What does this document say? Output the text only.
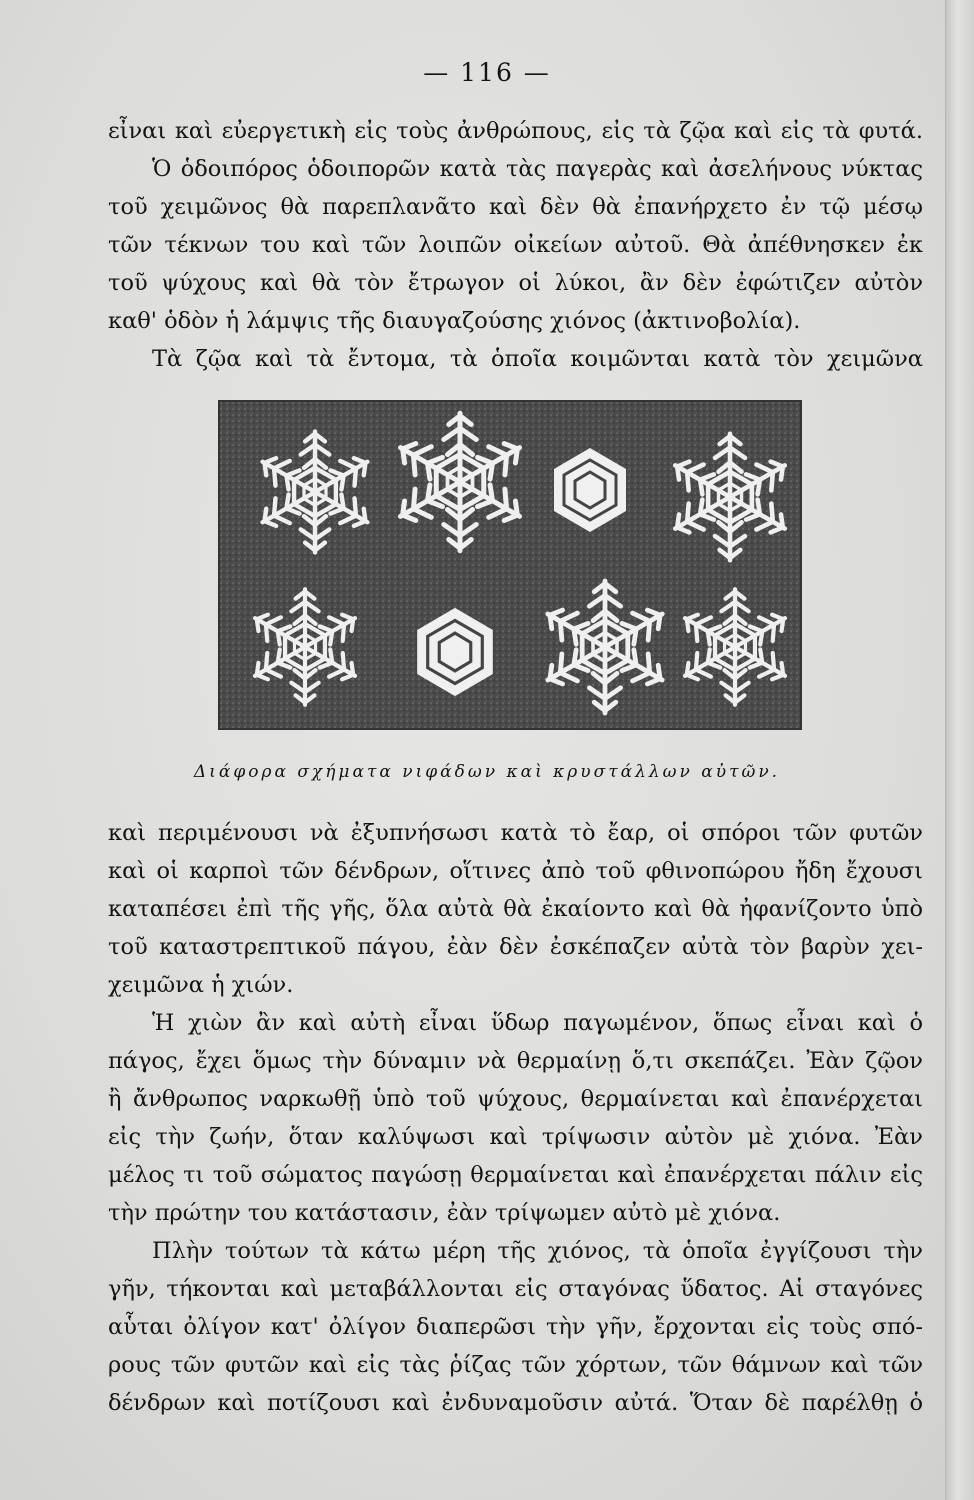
— 116 —
εἶναι καὶ εὐεργετικὴ εἰς τοὺς ἀνθρώπους, εἰς τὰ ζῷα καὶ εἰς τὰ φυτά.
Ὁ ὁδοιπόρος ὁδοιπορῶν κατὰ τὰς παγερὰς καὶ ἀσελήνους νύκτας
τοῦ χειμῶνος θὰ παρεπλανᾶτο καὶ δὲν θὰ ἐπανήρχετο ἐν τῷ μέσῳ
τῶν τέκνων του καὶ τῶν λοιπῶν οἰκείων αὐτοῦ. Θὰ ἀπέθνησκεν ἐκ
τοῦ ψύχους καὶ θὰ τὸν ἔτρωγον οἱ λύκοι, ἂν δὲν ἐφώτιζεν αὐτὸν
καθ' ὁδὸν ἡ λάμψις τῆς διαυγαζούσης χιόνος (ἀκτινοβολία).
Τὰ ζῷα καὶ τὰ ἔντομα, τὰ ὁποῖα κοιμῶνται κατὰ τὸν χειμῶνα
Διάφορα σχήματα νιφάδων καὶ κρυστάλλων αὐτῶν.
καὶ περιμένουσι νὰ ἐξυπνήσωσι κατὰ τὸ ἔαρ, οἱ σπόροι τῶν φυτῶν
καὶ οἱ καρποὶ τῶν δένδρων, οἵτινες ἀπὸ τοῦ φθινοπώρου ἤδη ἔχουσι
καταπέσει ἐπὶ τῆς γῆς, ὅλα αὐτὰ θὰ ἐκαίοντο καὶ θὰ ἠφανίζοντο ὑπὸ
τοῦ καταστρεπτικοῦ πάγου, ἐὰν δὲν ἐσκέπαζεν αὐτὰ τὸν βαρὺν χει-
χειμῶνα ἡ χιών.
Ἡ χιὼν ἂν καὶ αὐτὴ εἶναι ὕδωρ παγωμένον, ὅπως εἶναι καὶ ὁ
πάγος, ἔχει ὅμως τὴν δύναμιν νὰ θερμαίνῃ ὅ,τι σκεπάζει. Ἐὰν ζῷον
ἢ ἄνθρωπος ναρκωθῇ ὑπὸ τοῦ ψύχους, θερμαίνεται καὶ ἐπανέρχεται
εἰς τὴν ζωήν, ὅταν καλύψωσι καὶ τρίψωσιν αὐτὸν μὲ χιόνα. Ἐὰν
μέλος τι τοῦ σώματος παγώσῃ θερμαίνεται καὶ ἐπανέρχεται πάλιν εἰς
τὴν πρώτην του κατάστασιν, ἐὰν τρίψωμεν αὐτὸ μὲ χιόνα.
Πλὴν τούτων τὰ κάτω μέρη τῆς χιόνος, τὰ ὁποῖα ἐγγίζουσι τὴν
γῆν, τήκονται καὶ μεταβάλλονται εἰς σταγόνας ὕδατος. Αἱ σταγόνες
αὗται ὀλίγον κατ' ὀλίγον διαπερῶσι τὴν γῆν, ἔρχονται εἰς τοὺς σπό-
ρους τῶν φυτῶν καὶ εἰς τὰς ῥίζας τῶν χόρτων, τῶν θάμνων καὶ τῶν
δένδρων καὶ ποτίζουσι καὶ ἐνδυναμοῦσιν αὐτά. Ὅταν δὲ παρέλθῃ ὁ
